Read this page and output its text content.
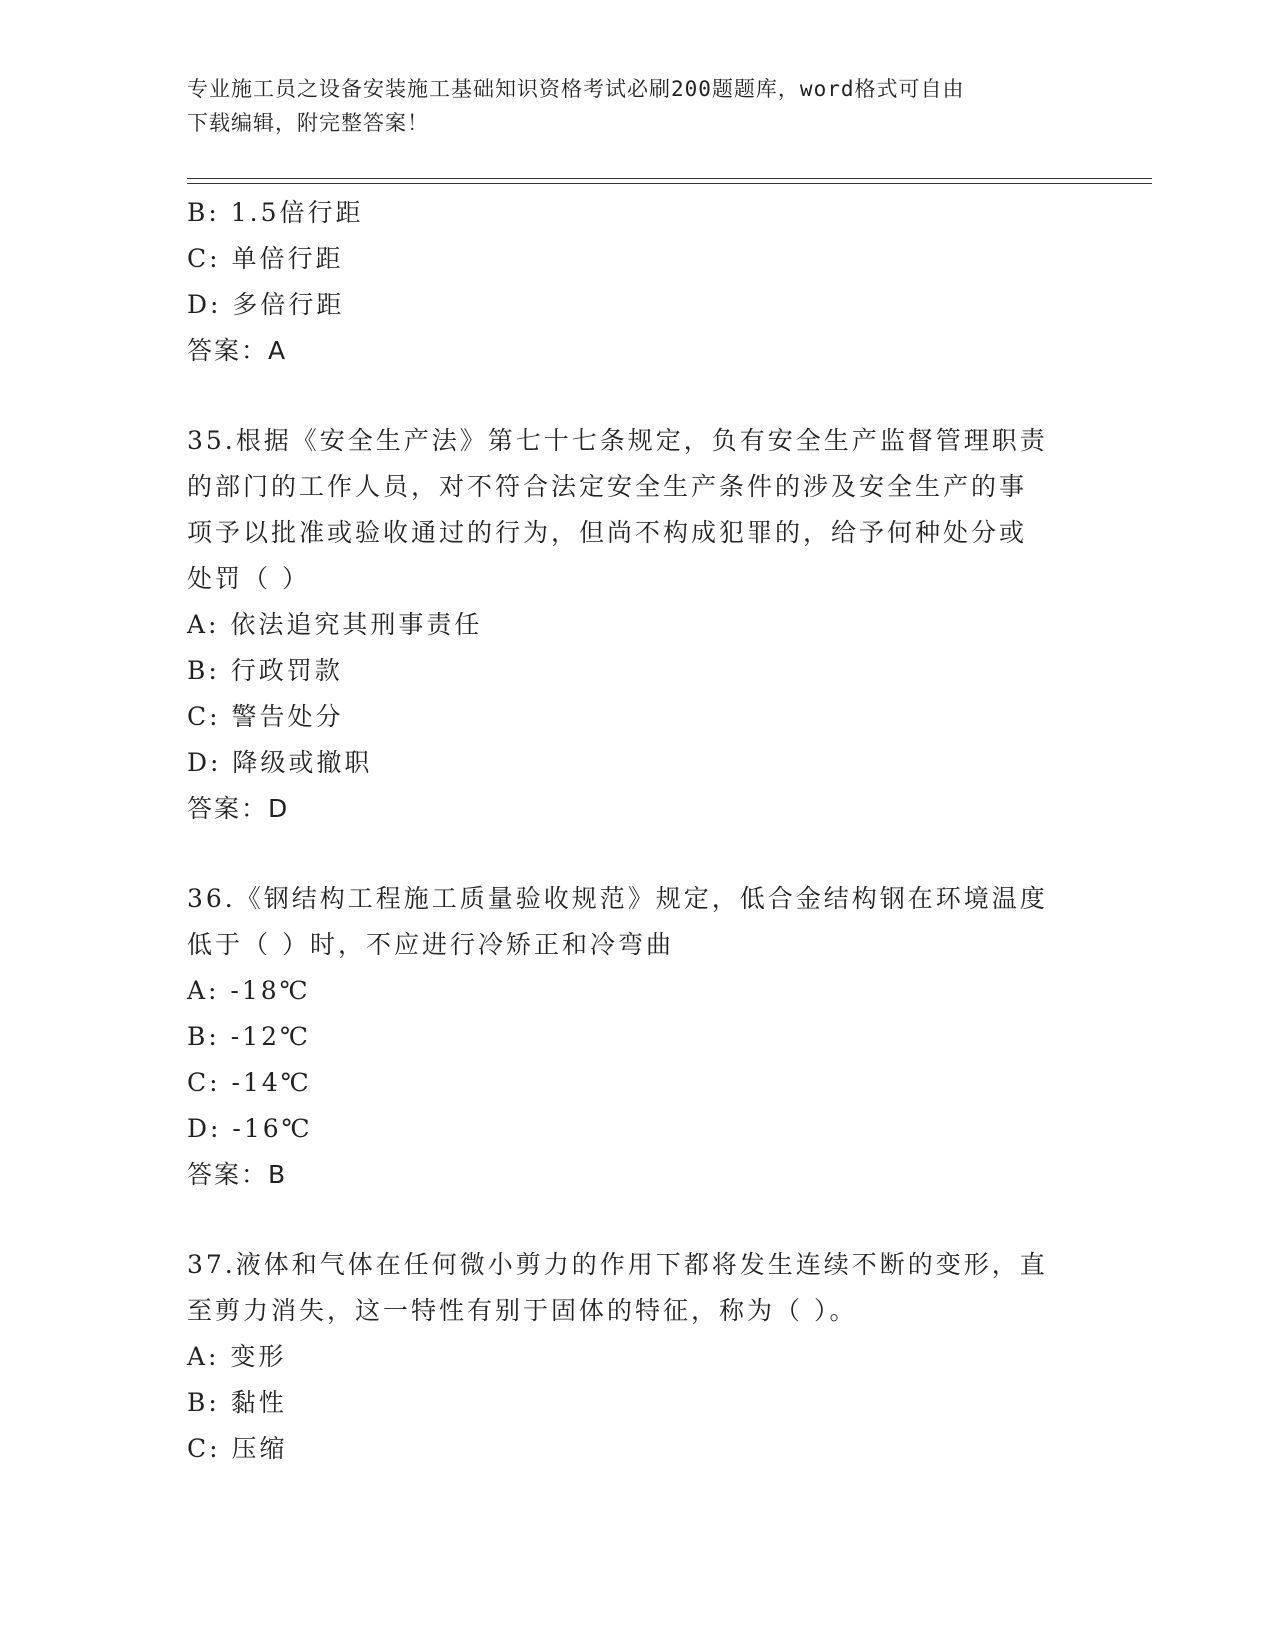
专业施工员之设备安装施工基础知识资格考试必刷200题题库，word格式可自由
下载编辑，附完整答案！
B: 1.5倍行距
C: 单倍行距
D: 多倍行距
答案：A
35.根据《安全生产法》第七十七条规定，负有安全生产监督管理职责
的部门的工作人员，对不符合法定安全生产条件的涉及安全生产的事
项予以批准或验收通过的行为，但尚不构成犯罪的，给予何种处分或
处罚（ ）
A: 依法追究其刑事责任
B: 行政罚款
C: 警告处分
D: 降级或撤职
答案：D
36.《钢结构工程施工质量验收规范》规定，低合金结构钢在环境温度
低于（ ）时，不应进行冷矫正和冷弯曲
A: -18℃
B: -12℃
C: -14℃
D: -16℃
答案：B
37.液体和气体在任何微小剪力的作用下都将发生连续不断的变形，直
至剪力消失，这一特性有别于固体的特征，称为（ ）。
A: 变形
B: 黏性
C: 压缩
